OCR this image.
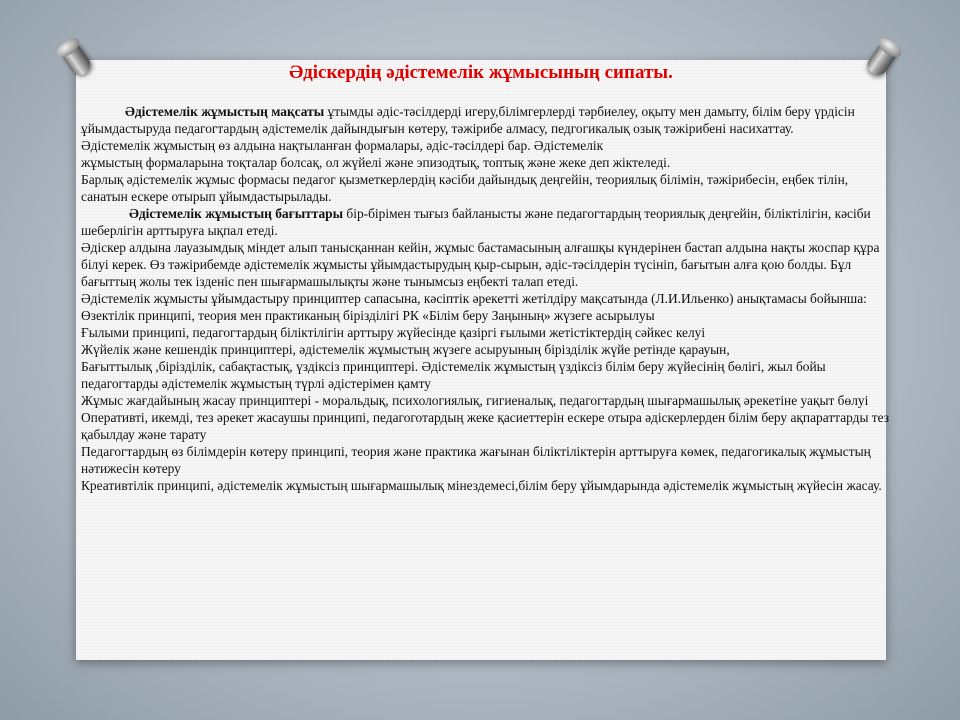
Әдіскердің әдістемелік жұмысының сипаты.

Әдістемелік жұмыстың мақсаты ұтымды әдіс-тәсілдерді игеру,білімгерлерді тәрбиелеу, оқыту мен дамыту, білім беру үрдісін ұйымдастыруда педагогтардың әдістемелік дайындығын көтеру, тәжірибе алмасу, педгогикалық озық тәжірибені насихаттау.

Әдістемелік жұмыстың өз алдына нақтыланған формалары, әдіс-тәсілдері бар. Әдістемелік

жұмыстың формаларына тоқталар болсақ, ол жүйелі және эпизодтық, топтық және жеке деп жіктеледі.

Барлық әдістемелік жұмыс формасы педагог қызметкерлердің кәсіби дайындық деңгейін, теориялық білімін, тәжірибесін, еңбек тілін, санатын ескере отырып ұйымдастырылады.

Әдістемелік жұмыстың бағыттары бір-бірімен тығыз байланысты және педагогтардың теориялық деңгейін, біліктілігін, кәсіби шеберлігін арттыруға ықпал етеді.

Әдіскер алдына лауазымдық міндет алып танысқаннан кейін, жұмыс бастамасының алғашқы күндерінен бастап алдына нақты жоспар құра білуі керек. Өз тәжірибемде әдістемелік жұмысты ұйымдастырудың қыр-сырын, әдіс-тәсілдерін түсініп, бағытын алға қою болды. Бұл бағыттың жолы тек ізденіс пен шығармашылықты және тынымсыз еңбекті талап етеді.

Әдістемелік жұмысты ұйымдастыру принциптер сапасына, кәсіптік әрекетті жетілдіру мақсатында (Л.И.Ильенко) анықтамасы бойынша:

Өзектілік принципі, теория мен практиканың біріздiлiгi РК «Білім беру Заңының» жүзеге асырылуы

Ғылыми принципі, педагогтардың біліктілігін арттыру жүйесінде қазіргі ғылыми жетістіктердің сәйкес келуі

Жүйелік және кешендік принциптері, әдістемелік жұмыстың жүзеге асыруының біріздiлiк жүйе ретінде қарауын,

Бағыттылық ,біріздiлiк, сабақтастық, үздіксіз принциптері. Әдістемелік жұмыстың үздіксіз білім беру жүйесінің бөлігі, жыл бойы педагогтарды әдістемелік жұмыстың түрлі әдістерімен қамту

Жұмыс жағдайының жасау принциптері - моральдық, психологиялық, гигиеналық, педагогтардың шығармашылық әрекетіне уақыт бөлуі

Оперативті, икемді, тез әрекет жасаушы принципі, педагоготардың жеке қасиеттерін ескере отыра әдіскерлерден білім беру ақпараттарды тез қабылдау және тарату

Педагогтардың өз білімдерін көтеру принципі, теория және практика жағынан біліктіліктерін арттыруға көмек, педагогикалық жұмыстың нәтижесін көтеру

Креативтілік принципі, әдістемелік жұмыстың шығармашылық мінездемесі,білім беру ұйымдарында әдістемелік жұмыстың жүйесін жасау.
